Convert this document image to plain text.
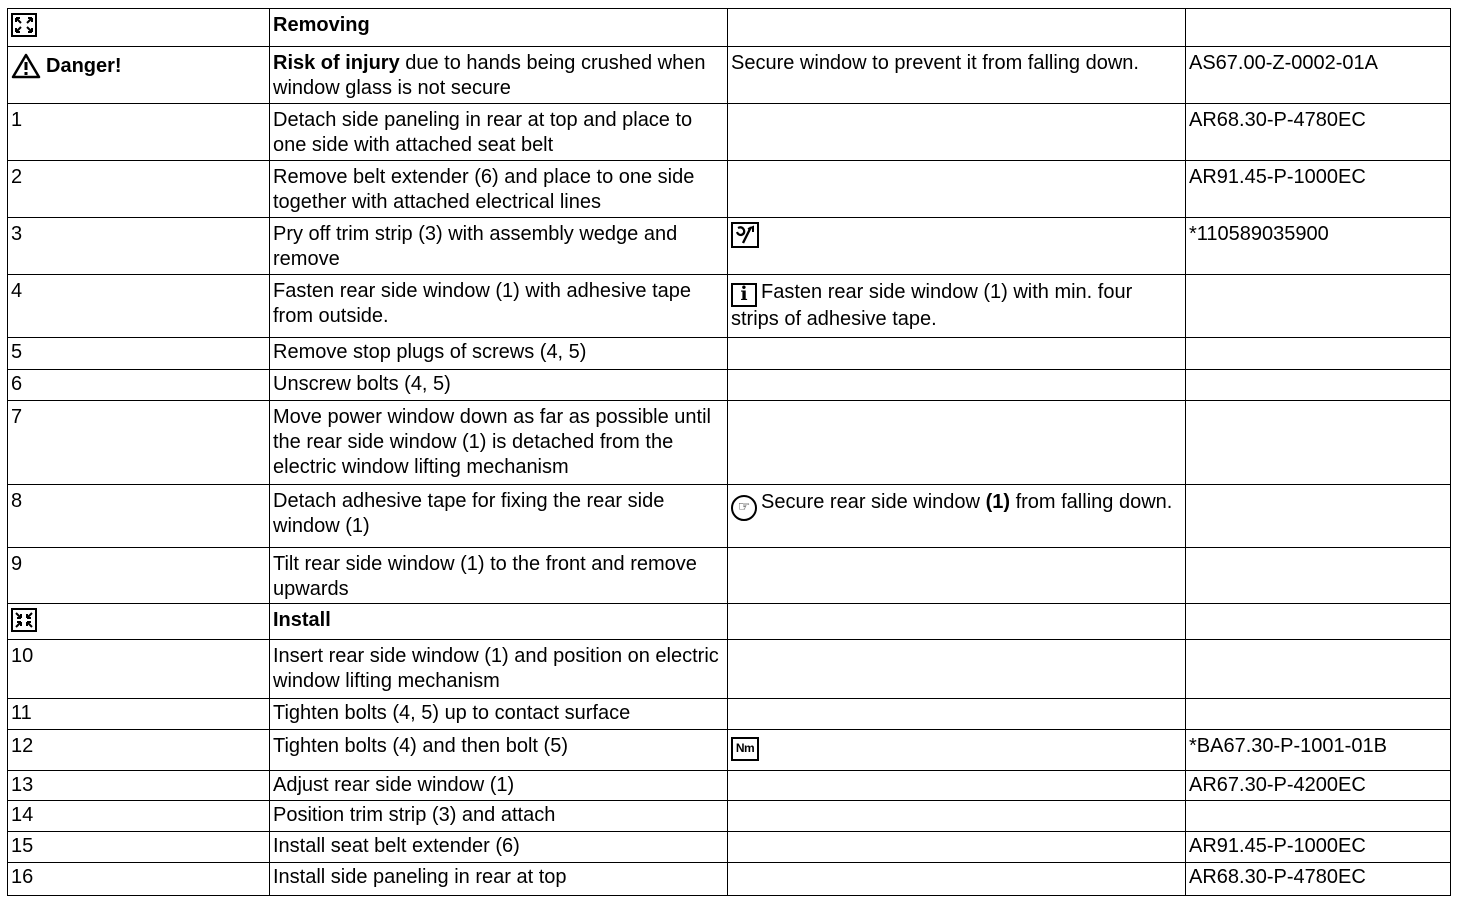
	Removing		

Danger!	Risk of injury due to hands being crushed when window glass is not secure	Secure window to prevent it from falling down.	AS67.00-Z-0002-01A
1	Detach side paneling in rear at top and place to one side with attached seat belt		AR68.30-P-4780EC
2	Remove belt extender (6) and place to one side together with attached electrical lines		AR91.45-P-1000EC
3	Pry off trim strip (3) with assembly wedge and remove		*110589035900
4	Fasten rear side window (1) with adhesive tape from outside.	i Fasten rear side window (1) with min. four strips of adhesive tape.	
5	Remove stop plugs of screws (4, 5)		
6	Unscrew bolts (4, 5)		
7	Move power window down as far as possible until the rear side window (1) is detached from the electric window lifting mechanism		
8	Detach adhesive tape for fixing the rear side window (1)	☞ Secure rear side window (1) from falling down.	
9	Tilt rear side window (1) to the front and remove upwards		
	Install		
10	Insert rear side window (1) and position on electric window lifting mechanism		
11	Tighten bolts (4, 5) up to contact surface		
12	Tighten bolts (4) and then bolt (5)	Nm	*BA67.30-P-1001-01B
13	Adjust rear side window (1)		AR67.30-P-4200EC
14	Position trim strip (3) and attach		
15	Install seat belt extender (6)		AR91.45-P-1000EC
16	Install side paneling in rear at top		AR68.30-P-4780EC
